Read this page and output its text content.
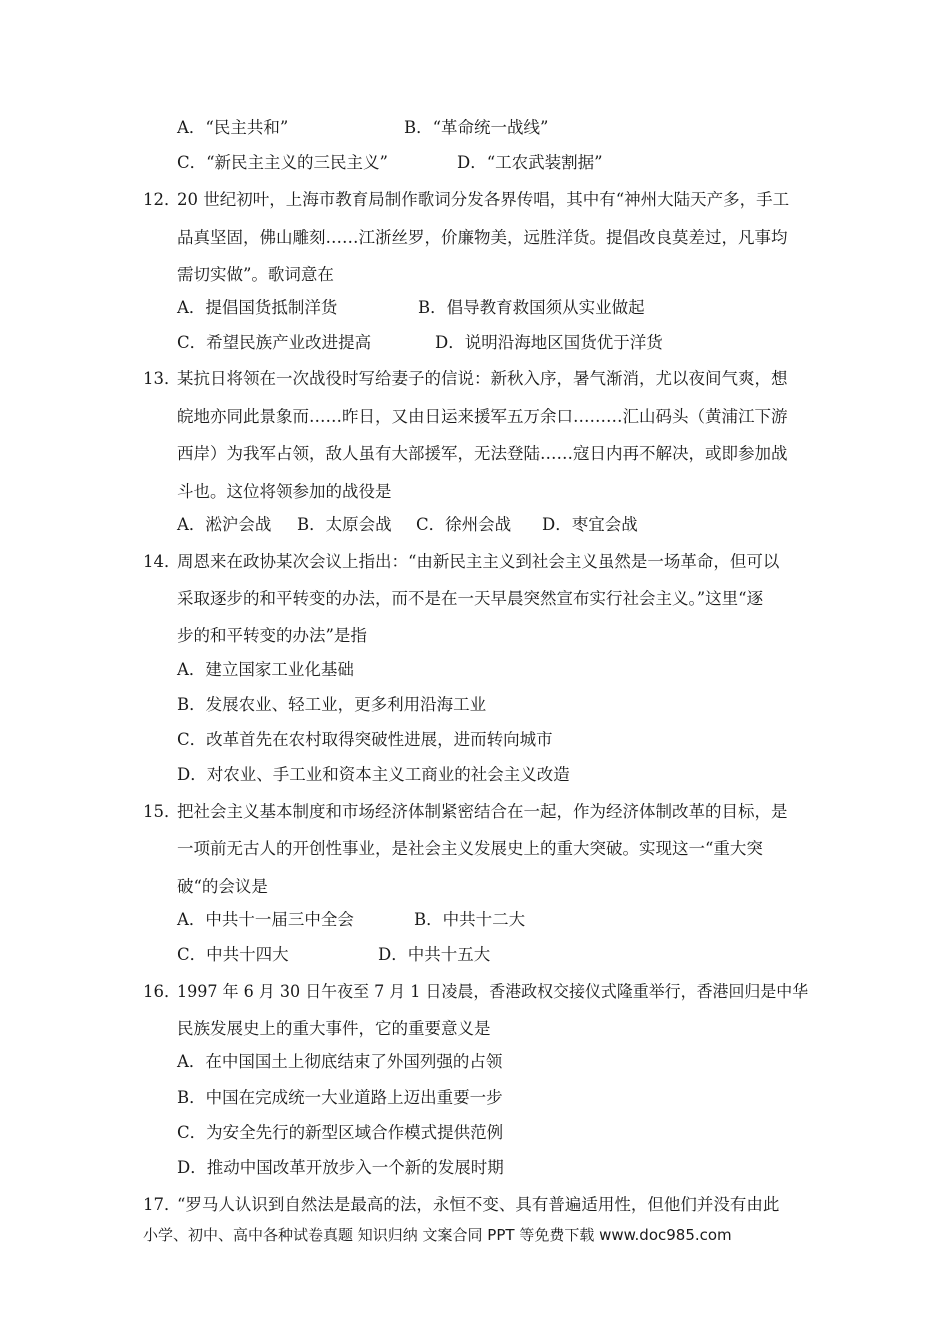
A．“民主共和”	B．“革命统一战线”
C．“新民主主义的三民主义”	D．“工农武装割据”
12．
20 世纪初叶，上海市教育局制作歌词分发各界传唱，其中有“神州大陆天产多，手工
品真坚固，佛山雕刻……江浙丝罗，价廉物美，远胜洋货。提倡改良莫差过，凡事均
需切实做”。歌词意在
A．提倡国货抵制洋货	B．倡导教育救国须从实业做起
C．希望民族产业改进提高	D．说明沿海地区国货优于洋货
13．
某抗日将领在一次战役时写给妻子的信说：新秋入序，暑气渐消，尤以夜间气爽，想
皖地亦同此景象而……昨日，又由日运来援军五万余口………汇山码头（黄浦江下游
西岸）为我军占领，敌人虽有大部援军，无法登陆……寇日内再不解决，或即参加战
斗也。这位将领参加的战役是
A．淞沪会战 B．太原会战 C．徐州会战 D．枣宜会战
14．
周恩来在政协某次会议上指出：“由新民主主义到社会主义虽然是一场革命，但可以
采取逐步的和平转变的办法，而不是在一天早晨突然宣布实行社会主义。”这里“逐
步的和平转变的办法”是指
A．建立国家工业化基础
B．发展农业、轻工业，更多利用沿海工业
C．改革首先在农村取得突破性进展，进而转向城市
D．对农业、手工业和资本主义工商业的社会主义改造
15．
把社会主义基本制度和市场经济体制紧密结合在一起，作为经济体制改革的目标，是
一项前无古人的开创性事业，是社会主义发展史上的重大突破。实现这一“重大突
破“的会议是
A．中共十一届三中全会	B．中共十二大
C．中共十四大	D．中共十五大
16．
1997 年 6 月 30 日午夜至 7 月 1 日凌晨，香港政权交接仪式隆重举行，香港回归是中华
民族发展史上的重大事件，它的重要意义是
A．在中国国土上彻底结束了外国列强的占领
B．中国在完成统一大业道路上迈出重要一步
C．为安全先行的新型区域合作模式提供范例
D．推动中国改革开放步入一个新的发展时期
17．
“罗马人认识到自然法是最高的法，永恒不变、具有普遍适用性，但他们并没有由此
小学、初中、高中各种试卷真题 知识归纳 文案合同 PPT 等免费下载 www.doc985.com
